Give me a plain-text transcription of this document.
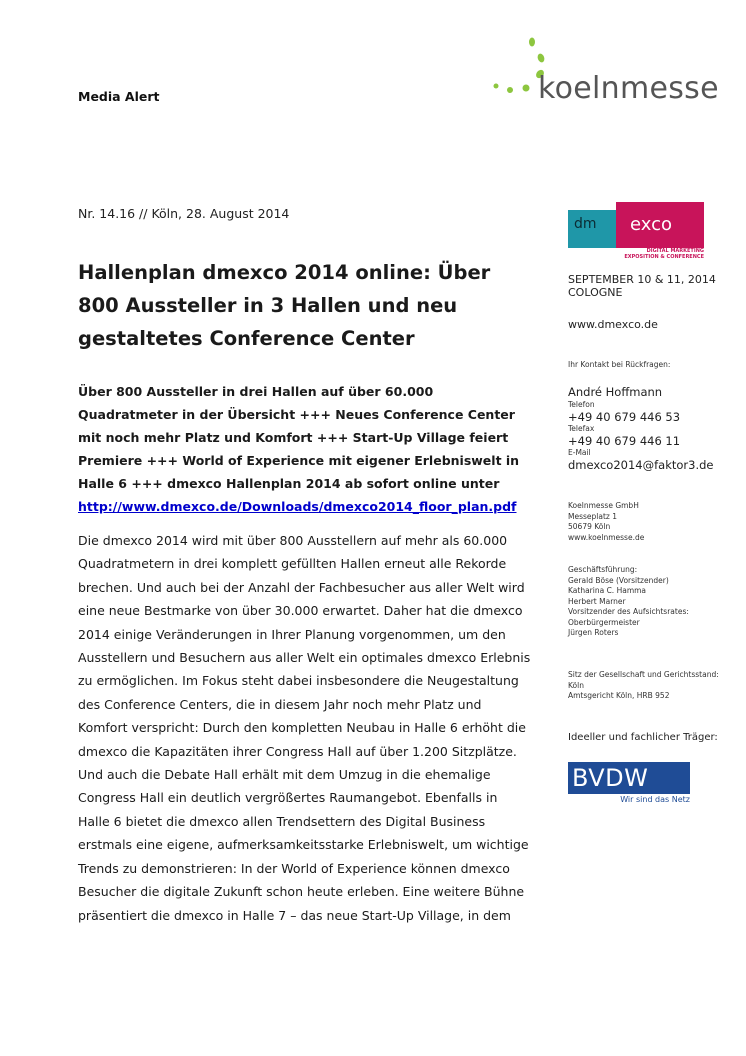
Media Alert	koelnmesse
Nr. 14.16 // Köln, 28. August 2014
Hallenplan dmexco 2014 online: Über 800 Aussteller in 3 Hallen und neu gestaltetes Conference Center
Über 800 Aussteller in drei Hallen auf über 60.000 Quadratmeter in der Übersicht +++ Neues Conference Center mit noch mehr Platz und Komfort +++ Start-Up Village feiert Premiere +++ World of Experience mit eigener Erlebniswelt in Halle 6 +++ dmexco Hallenplan 2014 ab sofort online unter
http://www.dmexco.de/Downloads/dmexco2014_floor_plan.pdf
Die dmexco 2014 wird mit über 800 Ausstellern auf mehr als 60.000 Quadratmetern in drei komplett gefüllten Hallen erneut alle Rekorde brechen. Und auch bei der Anzahl der Fachbesucher aus aller Welt wird eine neue Bestmarke von über 30.000 erwartet. Daher hat die dmexco 2014 einige Veränderungen in Ihrer Planung vorgenommen, um den Ausstellern und Besuchern aus aller Welt ein optimales dmexco Erlebnis zu ermöglichen. Im Fokus steht dabei insbesondere die Neugestaltung des Conference Centers, die in diesem Jahr noch mehr Platz und Komfort verspricht: Durch den kompletten Neubau in Halle 6 erhöht die dmexco die Kapazitäten ihrer Congress Hall auf über 1.200 Sitzplätze. Und auch die Debate Hall erhält mit dem Umzug in die ehemalige Congress Hall ein deutlich vergrößertes Raumangebot. Ebenfalls in Halle 6 bietet die dmexco allen Trendsettern des Digital Business erstmals eine eigene, aufmerksamkeitsstarke Erlebniswelt, um wichtige Trends zu demonstrieren: In der World of Experience können dmexco Besucher die digitale Zukunft schon heute erleben. Eine weitere Bühne präsentiert die dmexco in Halle 7 – das neue Start-Up Village, in dem
dm exco
DIGITAL MARKETING
EXPOSITION & CONFERENCE
SEPTEMBER 10 & 11, 2014
COLOGNE
www.dmexco.de
Ihr Kontakt bei Rückfragen:
André Hoffmann
Telefon
+49 40 679 446 53
Telefax
+49 40 679 446 11
E-Mail
dmexco2014@faktor3.de
Koelnmesse GmbH
Messeplatz 1
50679 Köln
www.koelnmesse.de
Geschäftsführung:
Gerald Böse (Vorsitzender)
Katharina C. Hamma
Herbert Marner
Vorsitzender des Aufsichtsrates:
Oberbürgermeister
Jürgen Roters
Sitz der Gesellschaft und Gerichtsstand:
Köln
Amtsgericht Köln, HRB 952
Ideeller und fachlicher Träger:
BVDW
Wir sind das Netz
